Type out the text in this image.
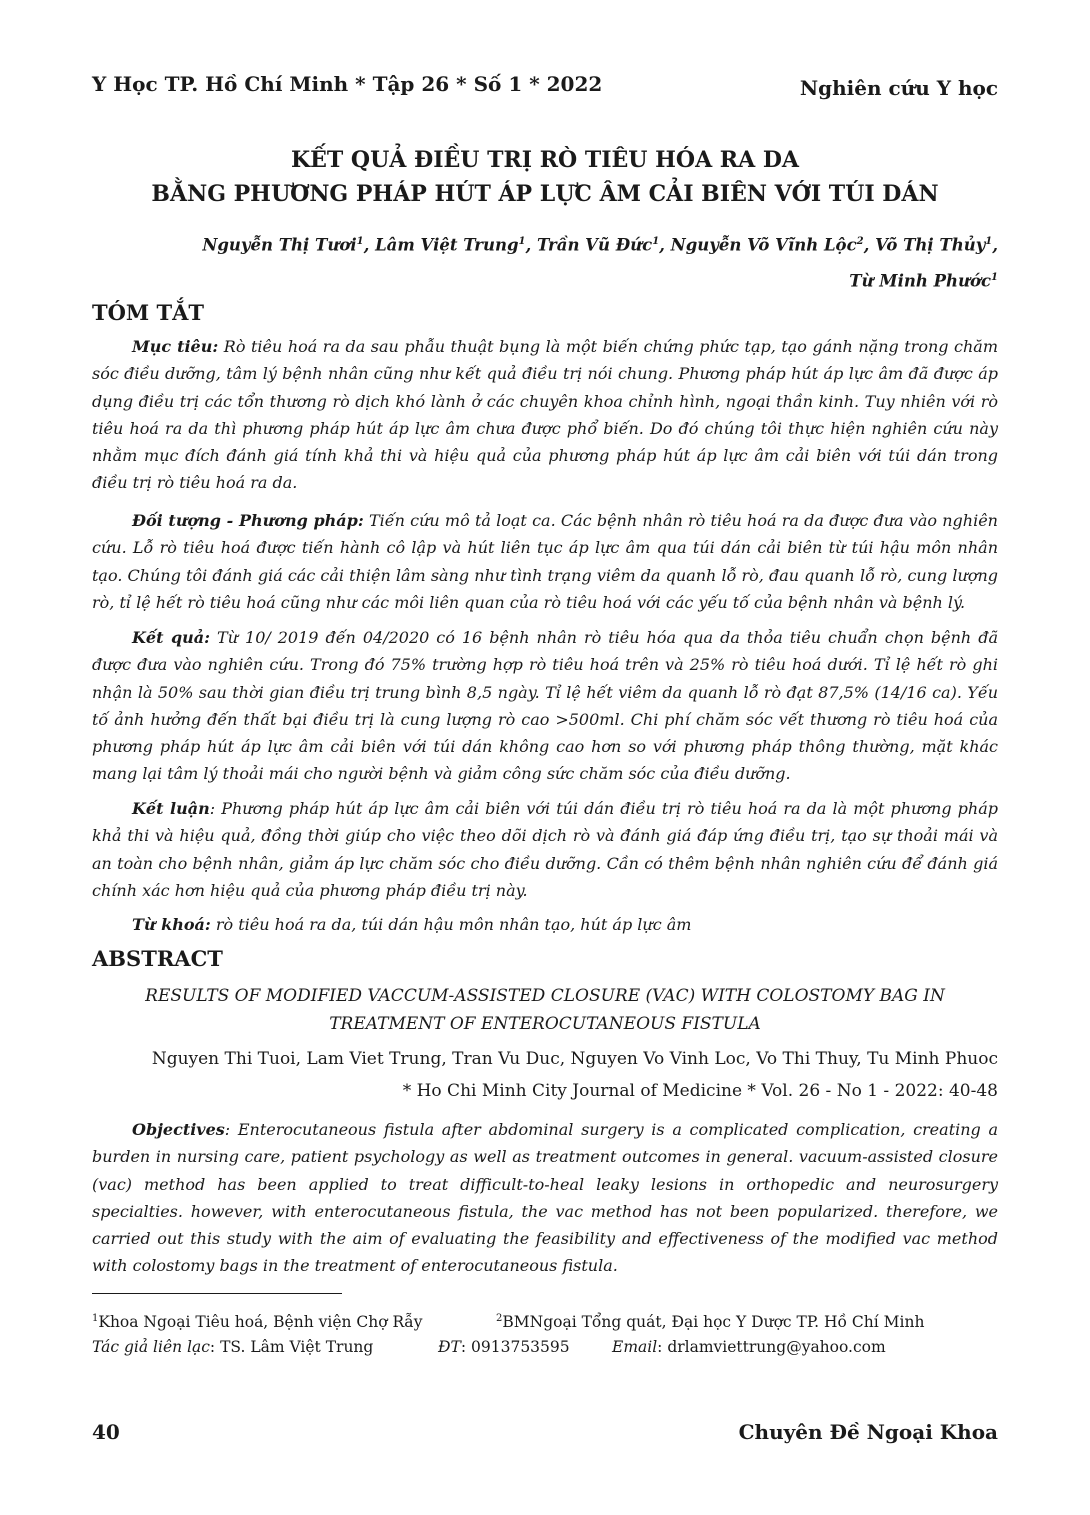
Y Học TP. Hồ Chí Minh * Tập 26 * Số 1 * 2022	Nghiên cứu Y học
KẾT QUẢ ĐIỀU TRỊ RÒ TIÊU HÓA RA DA
BẰNG PHƯƠNG PHÁP HÚT ÁP LỰC ÂM CẢI BIÊN VỚI TÚI DÁN
Nguyễn Thị Tươi$^1$, Lâm Việt Trung$^1$, Trần Vũ Đức$^1$, Nguyễn Võ Vĩnh Lộc$^2$, Võ Thị Thủy$^1$,
Từ Minh Phước$^1$
TÓM TẮT

Mục tiêu: Rò tiêu hoá ra da sau phẫu thuật bụng là một biến chứng phức tạp, tạo gánh nặng trong chăm sóc điều dưỡng, tâm lý bệnh nhân cũng như kết quả điều trị nói chung. Phương pháp hút áp lực âm đã được áp dụng điều trị các tổn thương rò dịch khó lành ở các chuyên khoa chỉnh hình, ngoại thần kinh. Tuy nhiên với rò tiêu hoá ra da thì phương pháp hút áp lực âm chưa được phổ biến. Do đó chúng tôi thực hiện nghiên cứu này nhằm mục đích đánh giá tính khả thi và hiệu quả của phương pháp hút áp lực âm cải biên với túi dán trong điều trị rò tiêu hoá ra da.

Đối tượng - Phương pháp: Tiến cứu mô tả loạt ca. Các bệnh nhân rò tiêu hoá ra da được đưa vào nghiên cứu. Lỗ rò tiêu hoá được tiến hành cô lập và hút liên tục áp lực âm qua túi dán cải biên từ túi hậu môn nhân tạo. Chúng tôi đánh giá các cải thiện lâm sàng như tình trạng viêm da quanh lỗ rò, đau quanh lỗ rò, cung lượng rò, tỉ lệ hết rò tiêu hoá cũng như các môi liên quan của rò tiêu hoá với các yếu tố của bệnh nhân và bệnh lý.

Kết quả: Từ 10/ 2019 đến 04/2020 có 16 bệnh nhân rò tiêu hóa qua da thỏa tiêu chuẩn chọn bệnh đã được đưa vào nghiên cứu. Trong đó 75% trường hợp rò tiêu hoá trên và 25% rò tiêu hoá dưới. Tỉ lệ hết rò ghi nhận là 50% sau thời gian điều trị trung bình 8,5 ngày. Tỉ lệ hết viêm da quanh lỗ rò đạt 87,5% (14/16 ca). Yếu tố ảnh hưởng đến thất bại điều trị là cung lượng rò cao >500ml. Chi phí chăm sóc vết thương rò tiêu hoá của phương pháp hút áp lực âm cải biên với túi dán không cao hơn so với phương pháp thông thường, mặt khác mang lại tâm lý thoải mái cho người bệnh và giảm công sức chăm sóc của điều dưỡng.

Kết luận: Phương pháp hút áp lực âm cải biên với túi dán điều trị rò tiêu hoá ra da là một phương pháp khả thi và hiệu quả, đồng thời giúp cho việc theo dõi dịch rò và đánh giá đáp ứng điều trị, tạo sự thoải mái và an toàn cho bệnh nhân, giảm áp lực chăm sóc cho điều dưỡng. Cần có thêm bệnh nhân nghiên cứu để đánh giá chính xác hơn hiệu quả của phương pháp điều trị này.

Từ khoá: rò tiêu hoá ra da, túi dán hậu môn nhân tạo, hút áp lực âm

ABSTRACT
RESULTS OF MODIFIED VACCUM-ASSISTED CLOSURE (VAC) WITH COLOSTOMY BAG IN
TREATMENT OF ENTEROCUTANEOUS FISTULA
Nguyen Thi Tuoi, Lam Viet Trung, Tran Vu Duc, Nguyen Vo Vinh Loc, Vo Thi Thuy, Tu Minh Phuoc
* Ho Chi Minh City Journal of Medicine * Vol. 26 - No 1 - 2022: 40-48

Objectives: Enterocutaneous fistula after abdominal surgery is a complicated complication, creating a burden in nursing care, patient psychology as well as treatment outcomes in general. vacuum-assisted closure (vac) method has been applied to treat difficult-to-heal leaky lesions in orthopedic and neurosurgery specialties. however, with enterocutaneous fistula, the vac method has not been popularized. therefore, we carried out this study with the aim of evaluating the feasibility and effectiveness of the modified vac method with colostomy bags in the treatment of enterocutaneous fistula.

$^1$Khoa Ngoại Tiêu hoá, Bệnh viện Chợ Rẫy	$^2$BMNgoại Tổng quát, Đại học Y Dược TP. Hồ Chí Minh
Tác giả liên lạc: TS. Lâm Việt Trung	ĐT: 0913753595	Email: drlamviettrung@yahoo.com
40	Chuyên Đề Ngoại Khoa
